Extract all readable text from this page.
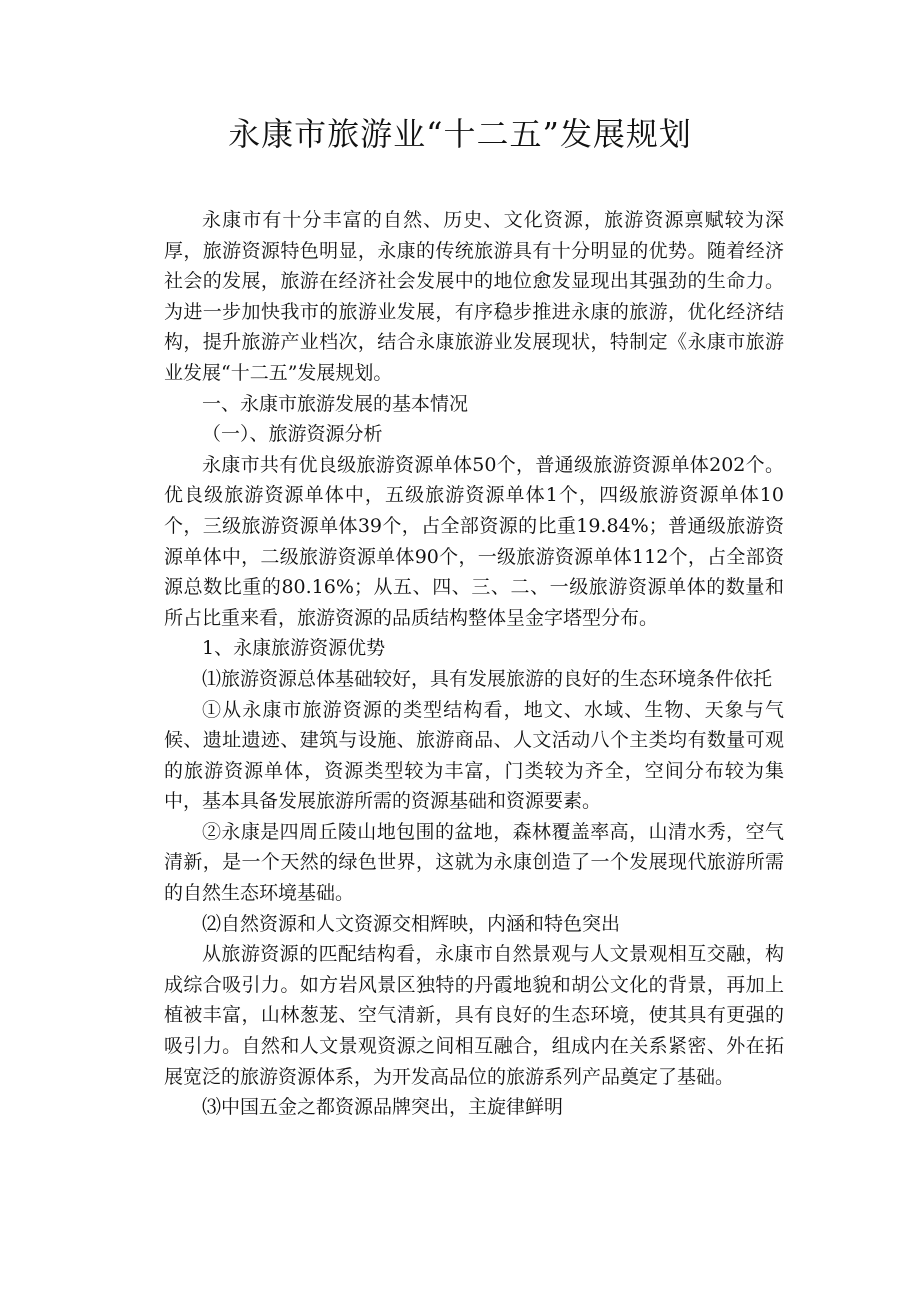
永康市旅游业“十二五”发展规划

永康市有十分丰富的自然、历史、文化资源，旅游资源禀赋较为深厚，旅游资源特色明显，永康的传统旅游具有十分明显的优势。随着经济社会的发展，旅游在经济社会发展中的地位愈发显现出其强劲的生命力。为进一步加快我市的旅游业发展，有序稳步推进永康的旅游，优化经济结构，提升旅游产业档次，结合永康旅游业发展现状，特制定《永康市旅游业发展“十二五”发展规划。

一、永康市旅游发展的基本情况

（一）、旅游资源分析

永康市共有优良级旅游资源单体50个，普通级旅游资源单体202个。优良级旅游资源单体中，五级旅游资源单体1个，四级旅游资源单体10个，三级旅游资源单体39个，占全部资源的比重19.84%；普通级旅游资源单体中，二级旅游资源单体90个，一级旅游资源单体112个，占全部资源总数比重的80.16%；从五、四、三、二、一级旅游资源单体的数量和所占比重来看，旅游资源的品质结构整体呈金字塔型分布。

1、永康旅游资源优势

⑴旅游资源总体基础较好，具有发展旅游的良好的生态环境条件依托

①从永康市旅游资源的类型结构看，地文、水域、生物、天象与气候、遗址遗迹、建筑与设施、旅游商品、人文活动八个主类均有数量可观的旅游资源单体，资源类型较为丰富，门类较为齐全，空间分布较为集中，基本具备发展旅游所需的资源基础和资源要素。

②永康是四周丘陵山地包围的盆地，森林覆盖率高，山清水秀，空气清新，是一个天然的绿色世界，这就为永康创造了一个发展现代旅游所需的自然生态环境基础。

⑵自然资源和人文资源交相辉映，内涵和特色突出

从旅游资源的匹配结构看，永康市自然景观与人文景观相互交融，构成综合吸引力。如方岩风景区独特的丹霞地貌和胡公文化的背景，再加上植被丰富，山林葱茏、空气清新，具有良好的生态环境，使其具有更强的吸引力。自然和人文景观资源之间相互融合，组成内在关系紧密、外在拓展宽泛的旅游资源体系，为开发高品位的旅游系列产品奠定了基础。

⑶中国五金之都资源品牌突出，主旋律鲜明
